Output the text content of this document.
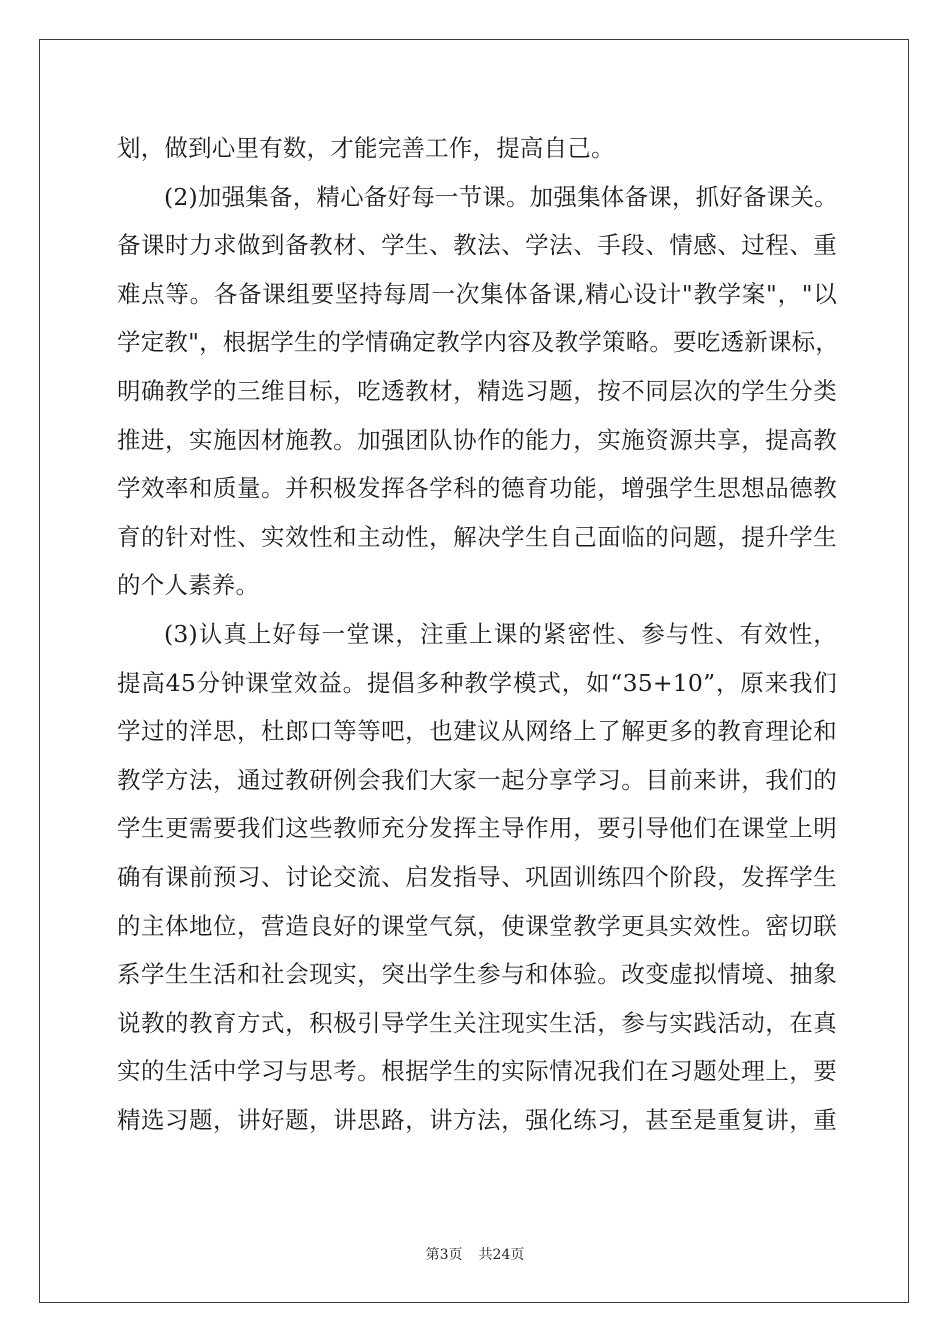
划，做到心里有数，才能完善工作，提高自己。
(2)加强集备，精心备好每一节课。加强集体备课，抓好备课关。
备课时力求做到备教材、学生、教法、学法、手段、情感、过程、重
难点等。各备课组要坚持每周一次集体备课,精心设计"教学案"，"以
学定教"，根据学生的学情确定教学内容及教学策略。要吃透新课标，
明确教学的三维目标，吃透教材，精选习题，按不同层次的学生分类
推进，实施因材施教。加强团队协作的能力，实施资源共享，提高教
学效率和质量。并积极发挥各学科的德育功能，增强学生思想品德教
育的针对性、实效性和主动性，解决学生自己面临的问题，提升学生
的个人素养。
(3)认真上好每一堂课，注重上课的紧密性、参与性、有效性，
提高45分钟课堂效益。提倡多种教学模式，如“35+10”，原来我们
学过的洋思，杜郎口等等吧，也建议从网络上了解更多的教育理论和
教学方法，通过教研例会我们大家一起分享学习。目前来讲，我们的
学生更需要我们这些教师充分发挥主导作用，要引导他们在课堂上明
确有课前预习、讨论交流、启发指导、巩固训练四个阶段，发挥学生
的主体地位，营造良好的课堂气氛，使课堂教学更具实效性。密切联
系学生生活和社会现实，突出学生参与和体验。改变虚拟情境、抽象
说教的教育方式，积极引导学生关注现实生活，参与实践活动，在真
实的生活中学习与思考。根据学生的实际情况我们在习题处理上，要
精选习题，讲好题，讲思路，讲方法，强化练习，甚至是重复讲，重
第3页 共24页
